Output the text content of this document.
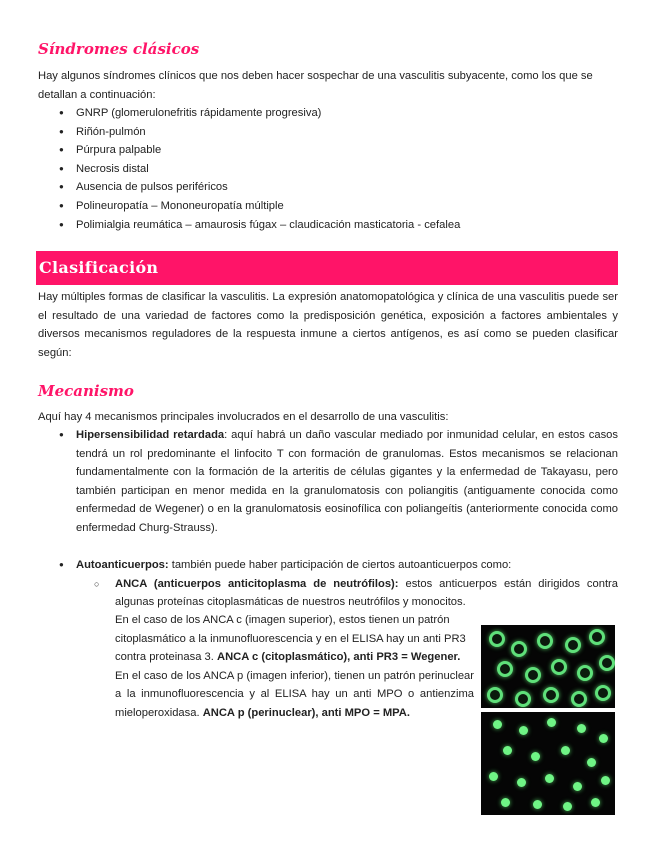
Síndromes clásicos

Hay algunos síndromes clínicos que nos deben hacer sospechar de una vasculitis subyacente, como los que se detallan a continuación:

● GNRP (glomerulonefritis rápidamente progresiva)
● Riñón-pulmón
● Púrpura palpable
● Necrosis distal
● Ausencia de pulsos periféricos
● Polineuropatía – Mononeuropatía múltiple
● Polimialgia reumática – amaurosis fúgax – claudicación masticatoria - cefalea
Clasificación

Hay múltiples formas de clasificar la vasculitis. La expresión anatomopatológica y clínica de una vasculitis puede ser el resultado de una variedad de factores como la predisposición genética, exposición a factores ambientales y diversos mecanismos reguladores de la respuesta inmune a ciertos antígenos, es así como se pueden clasificar según:

Mecanismo

Aquí hay 4 mecanismos principales involucrados en el desarrollo de una vasculitis:

● Hipersensibilidad retardada: aquí habrá un daño vascular mediado por inmunidad celular, en estos casos tendrá un rol predominante el linfocito T con formación de granulomas. Estos mecanismos se relacionan fundamentalmente con la formación de la arteritis de células gigantes y la enfermedad de Takayasu, pero también participan en menor medida en la granulomatosis con poliangitis (antiguamente conocida como enfermedad de Wegener) o en la granulomatosis eosinofílica con poliangeítis (anteriormente conocida como enfermedad Churg-Strauss).
● Autoanticuerpos: también puede haber participación de ciertos autoanticuerpos como:
○ ANCA (anticuerpos anticitoplasma de neutrófilos): estos anticuerpos están dirigidos contra algunas proteínas citoplasmáticas de nuestros neutrófilos y monocitos.
En el caso de los ANCA c (imagen superior), estos tienen un patrón citoplasmático a la inmunofluorescencia y en el ELISA hay un anti PR3 contra proteinasa 3. ANCA c (citoplasmático), anti PR3 = Wegener.
En el caso de los ANCA p (imagen inferior), tienen un patrón perinuclear a la inmunofluorescencia y al ELISA hay un anti MPO o antienzima mieloperoxidasa. ANCA p (perinuclear), anti MPO = MPA.
